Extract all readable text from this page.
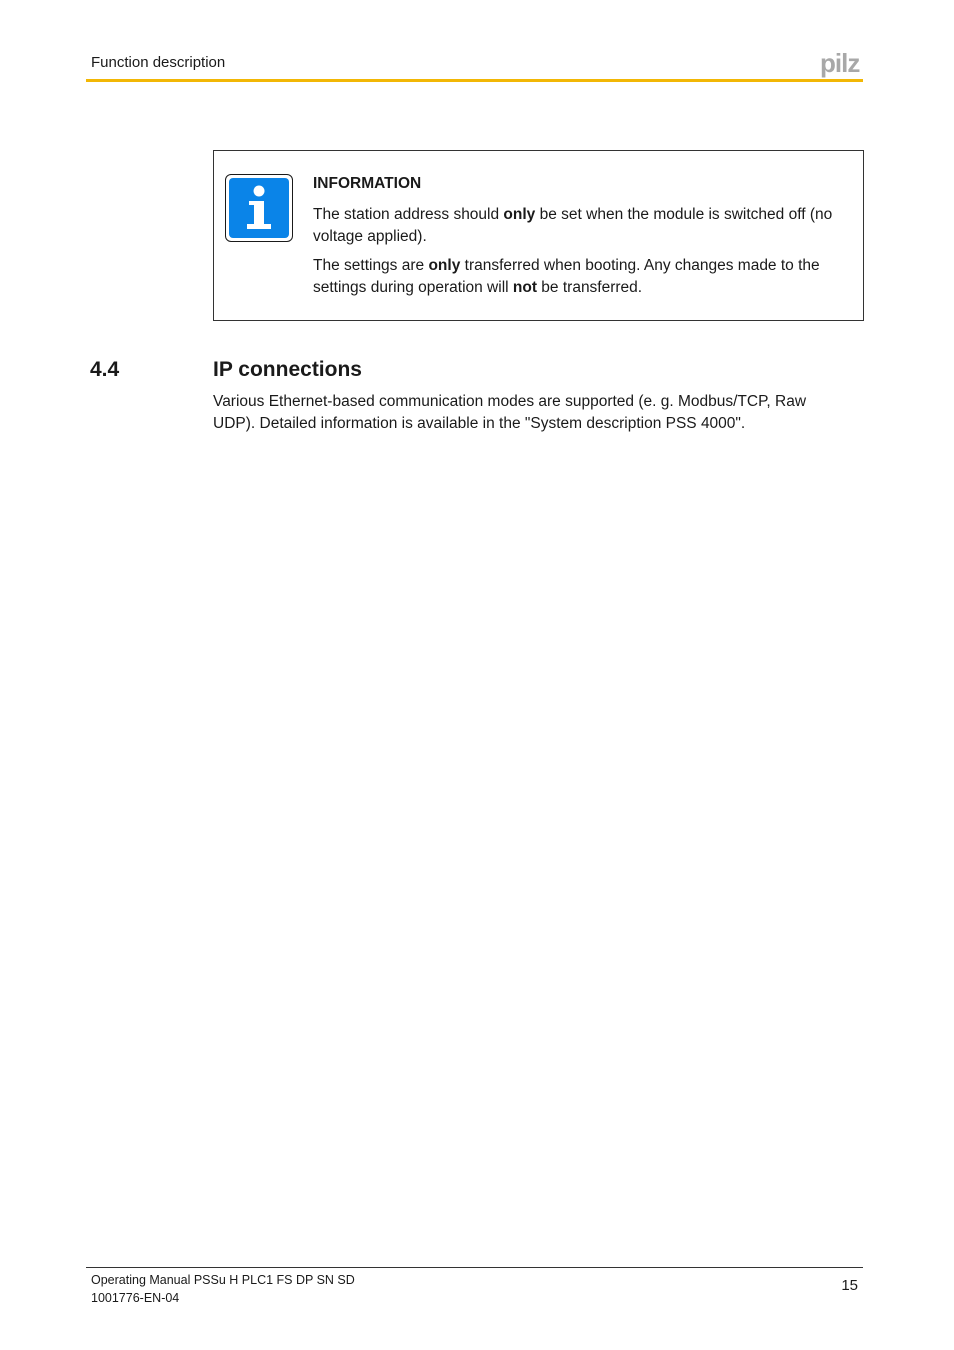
Function description	pilz

INFORMATION

The station address should only be set when the module is switched off (no voltage applied).

The settings are only transferred when booting. Any changes made to the settings during operation will not be transferred.

4.4	IP connections

Various Ethernet-based communication modes are supported (e. g. Modbus/TCP, Raw UDP). Detailed information is available in the "System description PSS 4000".

Operating Manual PSSu H PLC1 FS DP SN SD
1001776-EN-04
15
